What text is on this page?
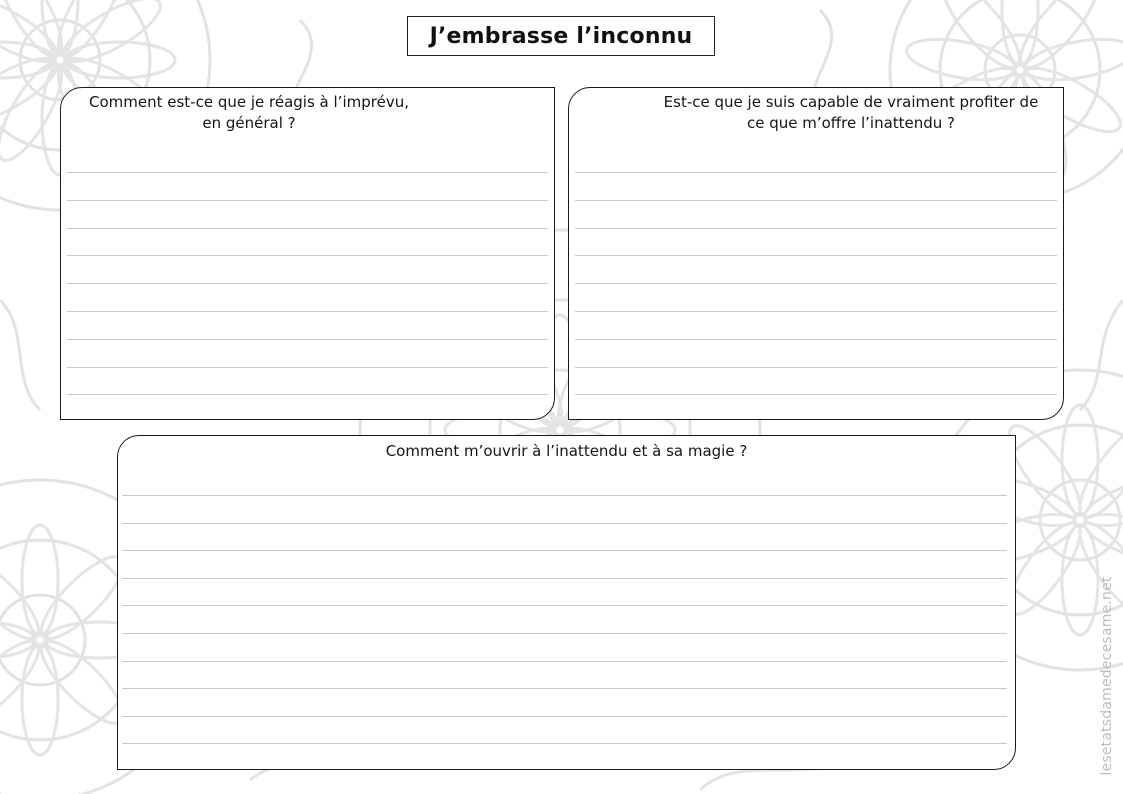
J’embrasse l’inconnu
Comment est-ce que je réagis à l’imprévu,
en général ?
Est-ce que je suis capable de vraiment profiter de
ce que m’offre l’inattendu ?
Comment m’ouvrir à l’inattendu et à sa magie ?
lesetatsdamedecesame.net
